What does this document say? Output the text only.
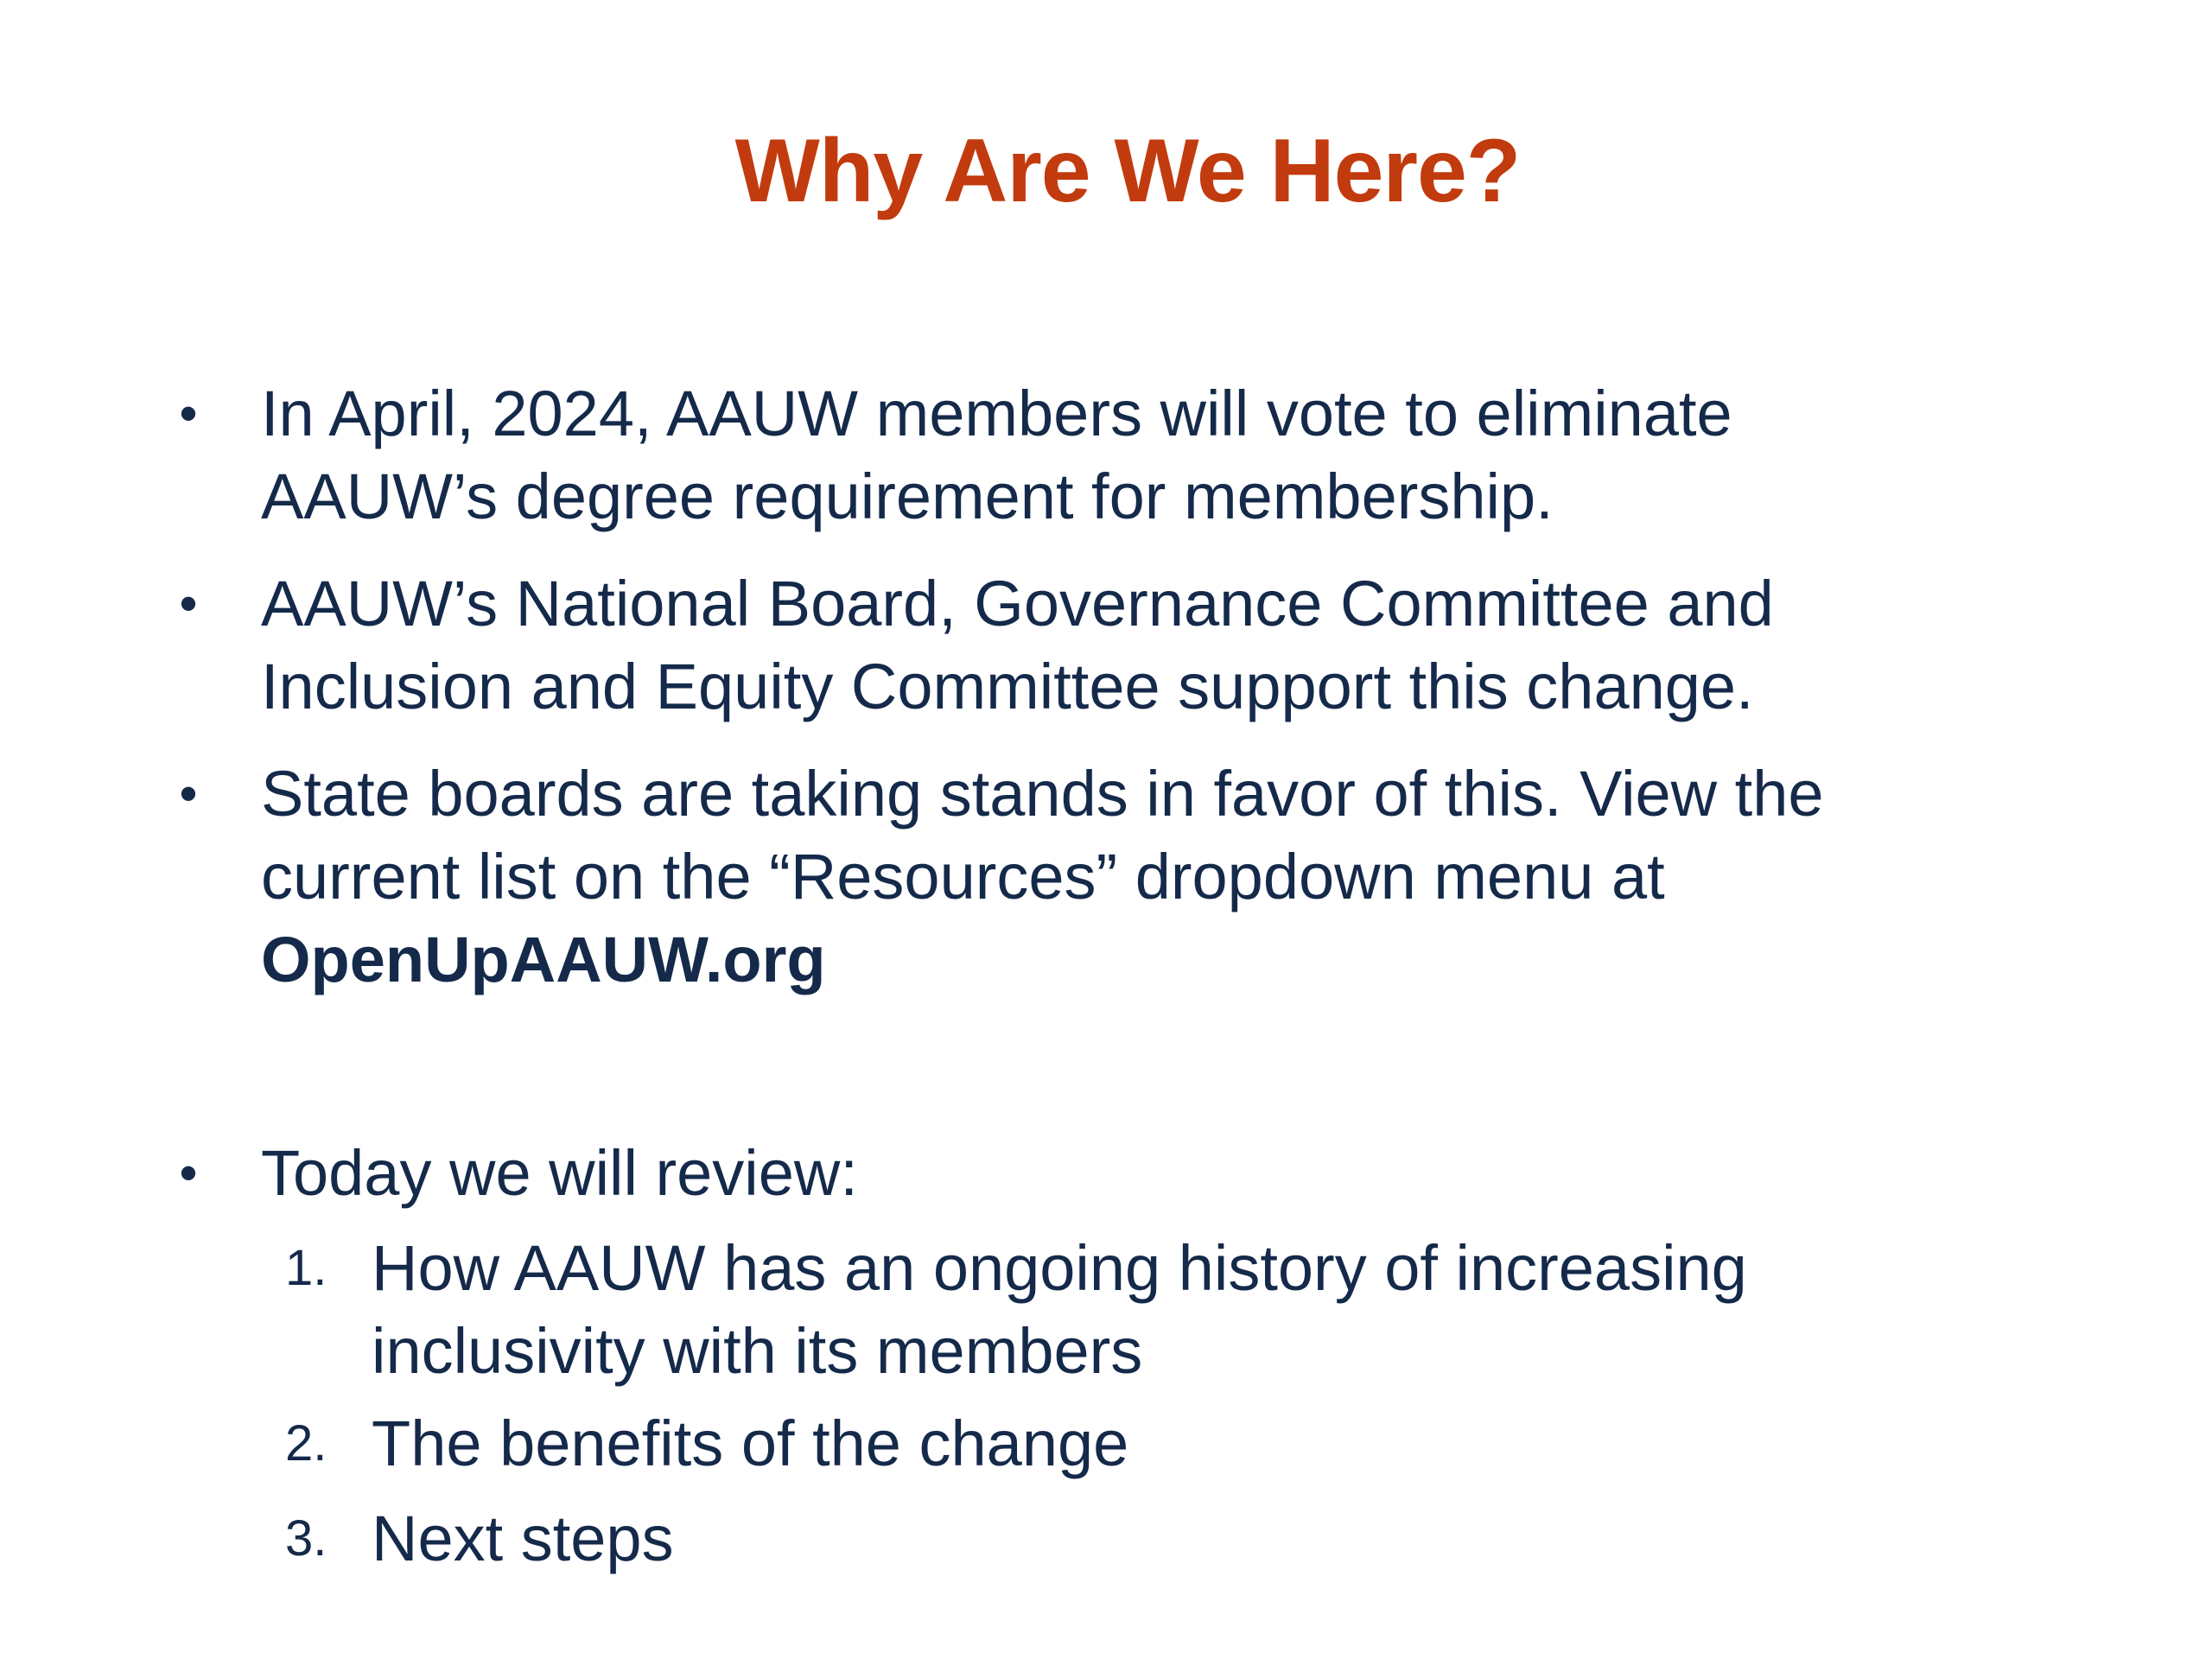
Why Are We Here?
• In April, 2024, AAUW members will vote to eliminate
AAUW’s degree requirement for membership.
• AAUW’s National Board, Governance Committee and
Inclusion and Equity Committee support this change.
• State boards are taking stands in favor of this. View the
current list on the “Resources” dropdown menu at
OpenUpAAUW.org
• Today we will review:
1. How AAUW has an ongoing history of increasing
inclusivity with its members
2. The benefits of the change
3. Next steps
